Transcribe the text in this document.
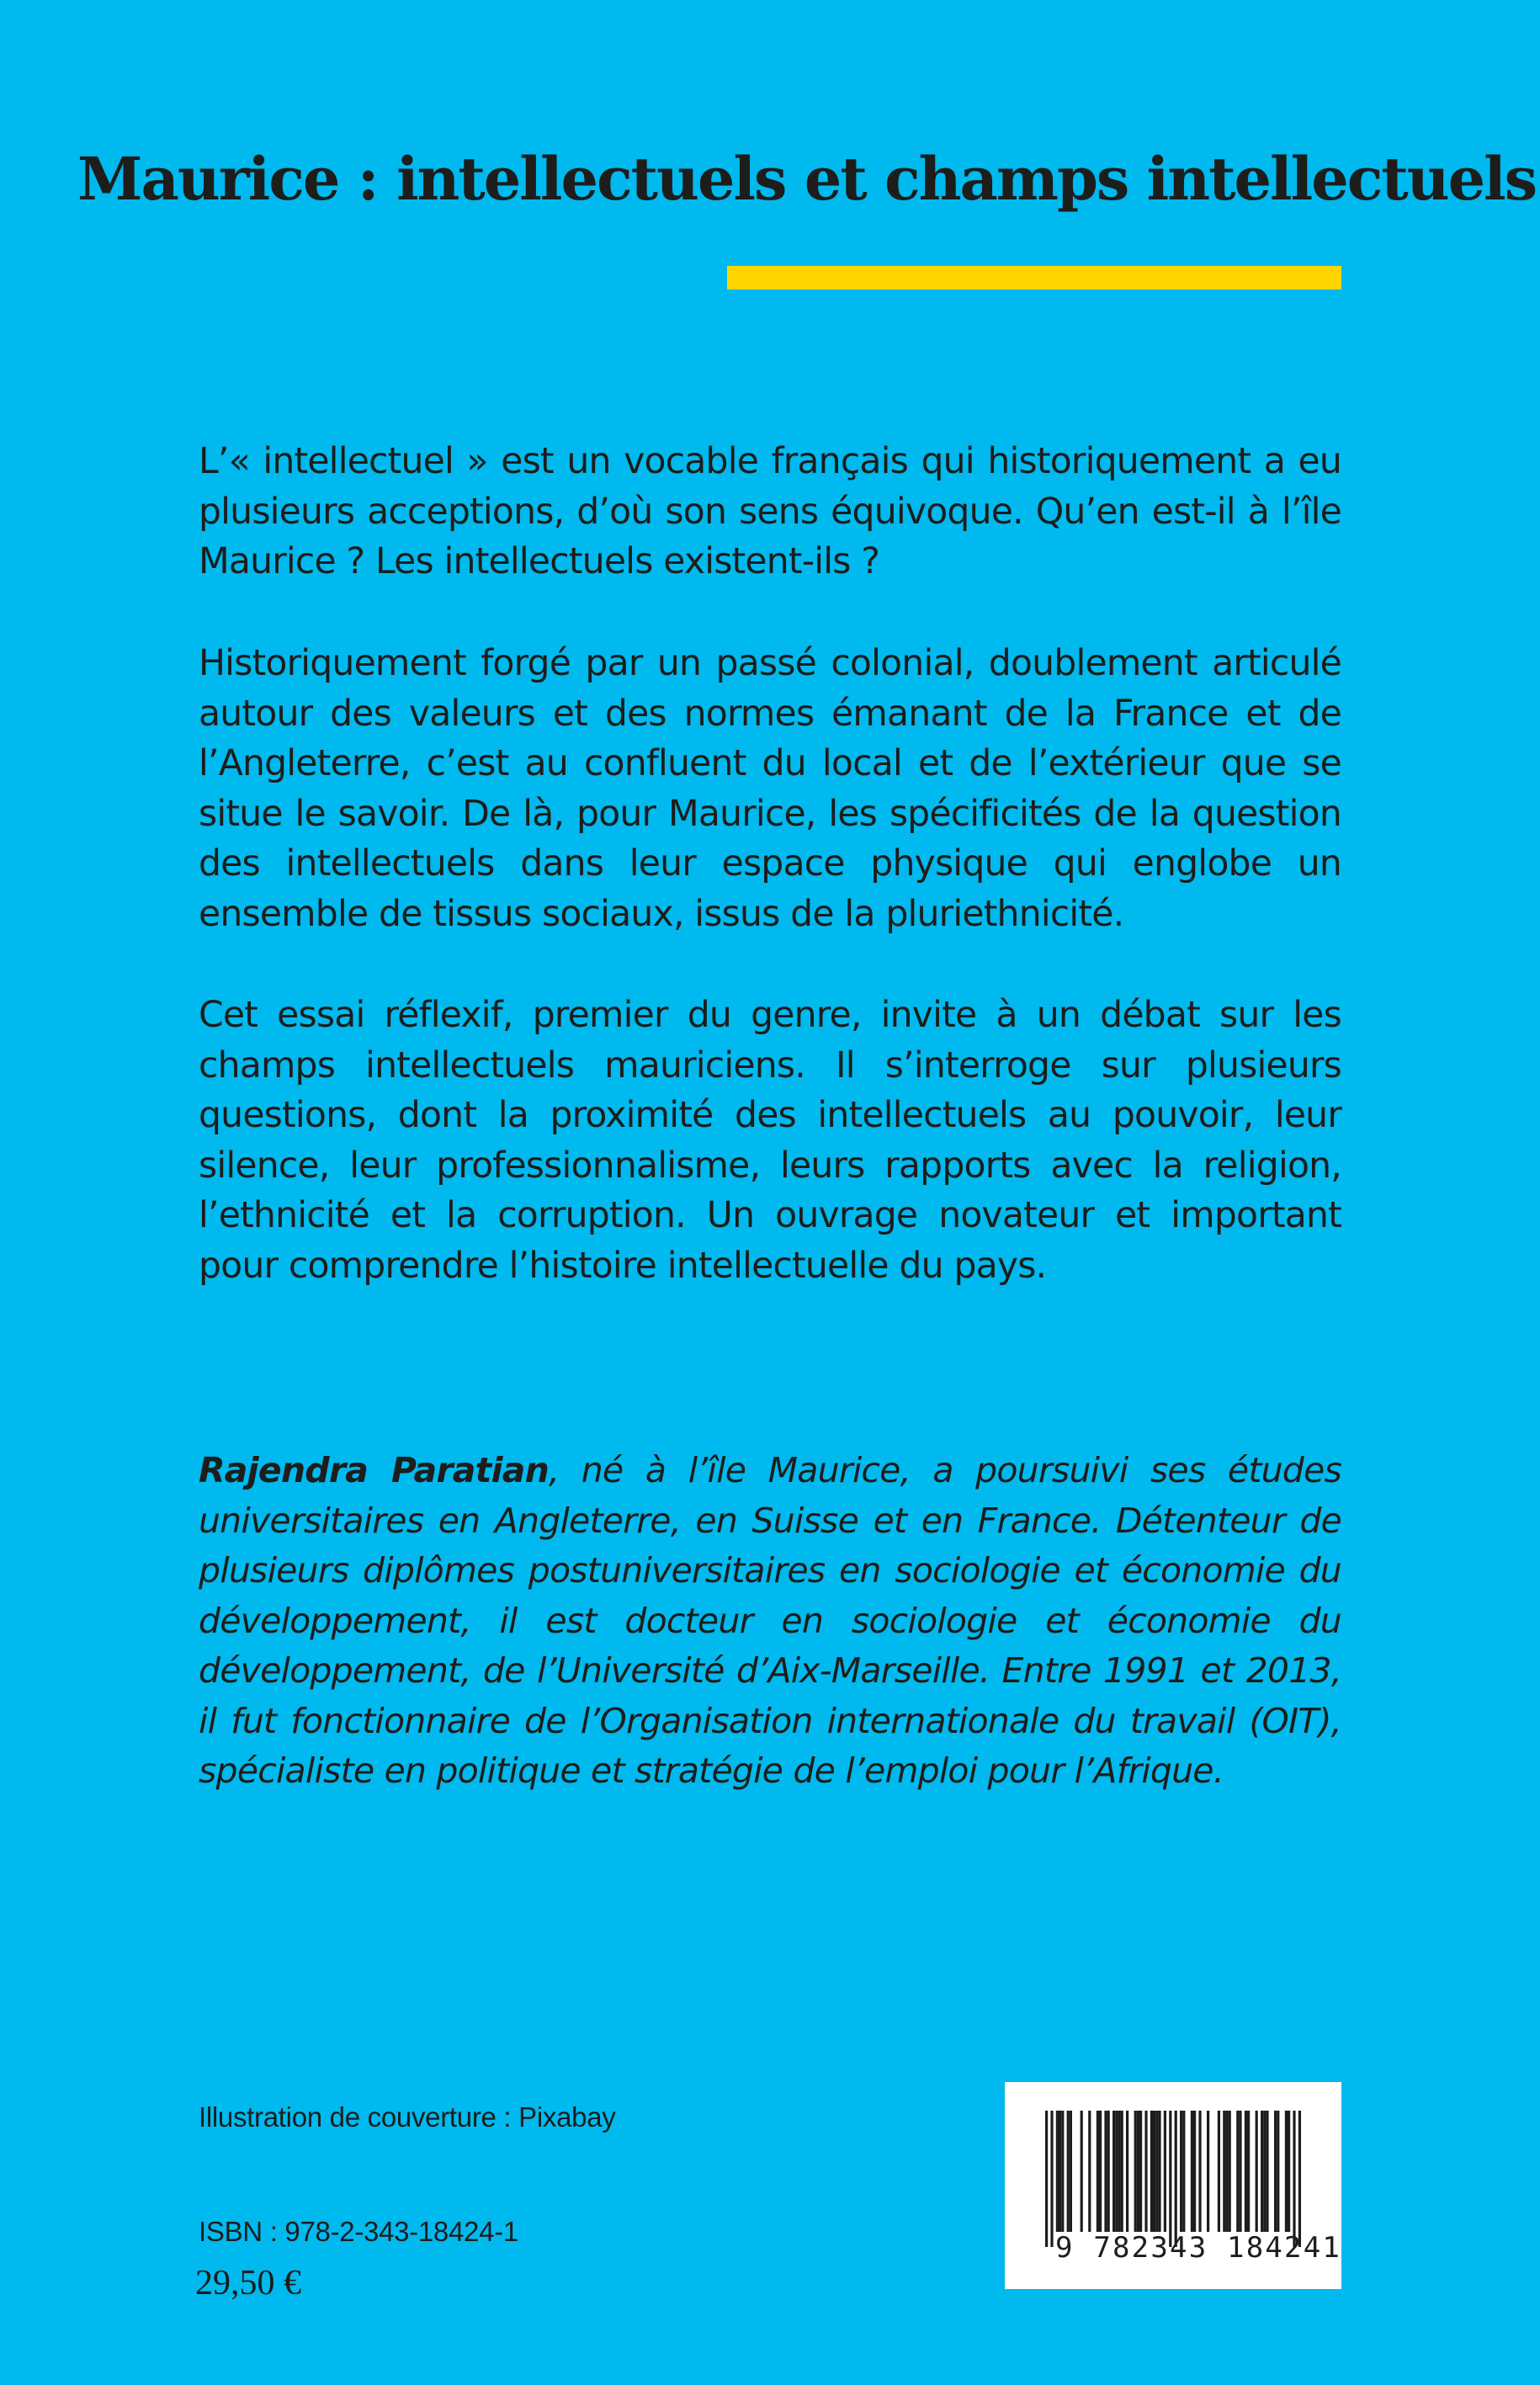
Maurice : intellectuels et champs intellectuels

L’« intellectuel » est un vocable français qui historiquement a eu plusieurs acceptions, d’où son sens équivoque. Qu’en est-il à l’île Maurice ? Les intellectuels existent-ils ?

Historiquement forgé par un passé colonial, doublement articulé autour des valeurs et des normes émanant de la France et de l’Angleterre, c’est au confluent du local et de l’extérieur que se situe le savoir. De là, pour Maurice, les spécificités de la question des intellectuels dans leur espace physique qui englobe un ensemble de tissus sociaux, issus de la pluriethnicité.

Cet essai réflexif, premier du genre, invite à un débat sur les champs intellectuels mauriciens. Il s’interroge sur plusieurs questions, dont la proximité des intellectuels au pouvoir, leur silence, leur professionnalisme, leurs rapports avec la religion, l’ethnicité et la corruption. Un ouvrage novateur et important pour comprendre l’histoire intellectuelle du pays.

Rajendra Paratian, né à l’île Maurice, a poursuivi ses études universitaires en Angleterre, en Suisse et en France. Détenteur de plusieurs diplômes postuniversitaires en sociologie et économie du développement, il est docteur en sociologie et économie du développement, de l’Université d’Aix-Marseille. Entre 1991 et 2013, il fut fonctionnaire de l’Organisation internationale du travail (OIT), spécialiste en politique et stratégie de l’emploi pour l’Afrique.

Illustration de couverture : Pixabay

ISBN : 978-2-343-18424-1

29,50 €

9 782343 184241
